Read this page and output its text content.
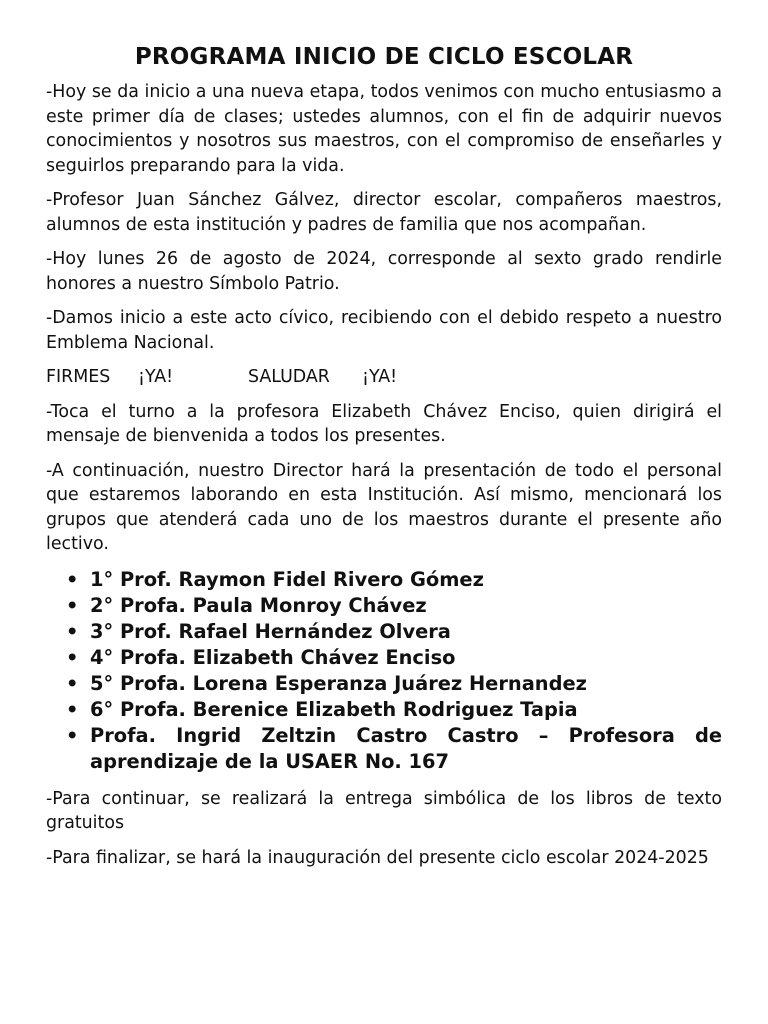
PROGRAMA INICIO DE CICLO ESCOLAR

-Hoy se da inicio a una nueva etapa, todos venimos con mucho entusiasmo a este primer día de clases; ustedes alumnos, con el fin de adquirir nuevos conocimientos y nosotros sus maestros, con el compromiso de enseñarles y seguirlos preparando para la vida.

-Profesor Juan Sánchez Gálvez, director escolar, compañeros maestros, alumnos de esta institución y padres de familia que nos acompañan.

-Hoy lunes 26 de agosto de 2024, corresponde al sexto grado rendirle honores a nuestro Símbolo Patrio.

-Damos inicio a este acto cívico, recibiendo con el debido respeto a nuestro Emblema Nacional.

FIRMES ¡YA!	SALUDAR ¡YA!

-Toca el turno a la profesora Elizabeth Chávez Enciso, quien dirigirá el mensaje de bienvenida a todos los presentes.

-A continuación, nuestro Director hará la presentación de todo el personal que estaremos laborando en esta Institución. Así mismo, mencionará los grupos que atenderá cada uno de los maestros durante el presente año lectivo.

• 1° Prof. Raymon Fidel Rivero Gómez
• 2° Profa. Paula Monroy Chávez
• 3° Prof. Rafael Hernández Olvera
• 4° Profa. Elizabeth Chávez Enciso
• 5° Profa. Lorena Esperanza Juárez Hernandez
• 6° Profa. Berenice Elizabeth Rodriguez Tapia
• Profa. Ingrid Zeltzin Castro Castro – Profesora de aprendizaje de la USAER No. 167

-Para continuar, se realizará la entrega simbólica de los libros de texto gratuitos

-Para finalizar, se hará la inauguración del presente ciclo escolar 2024-2025
